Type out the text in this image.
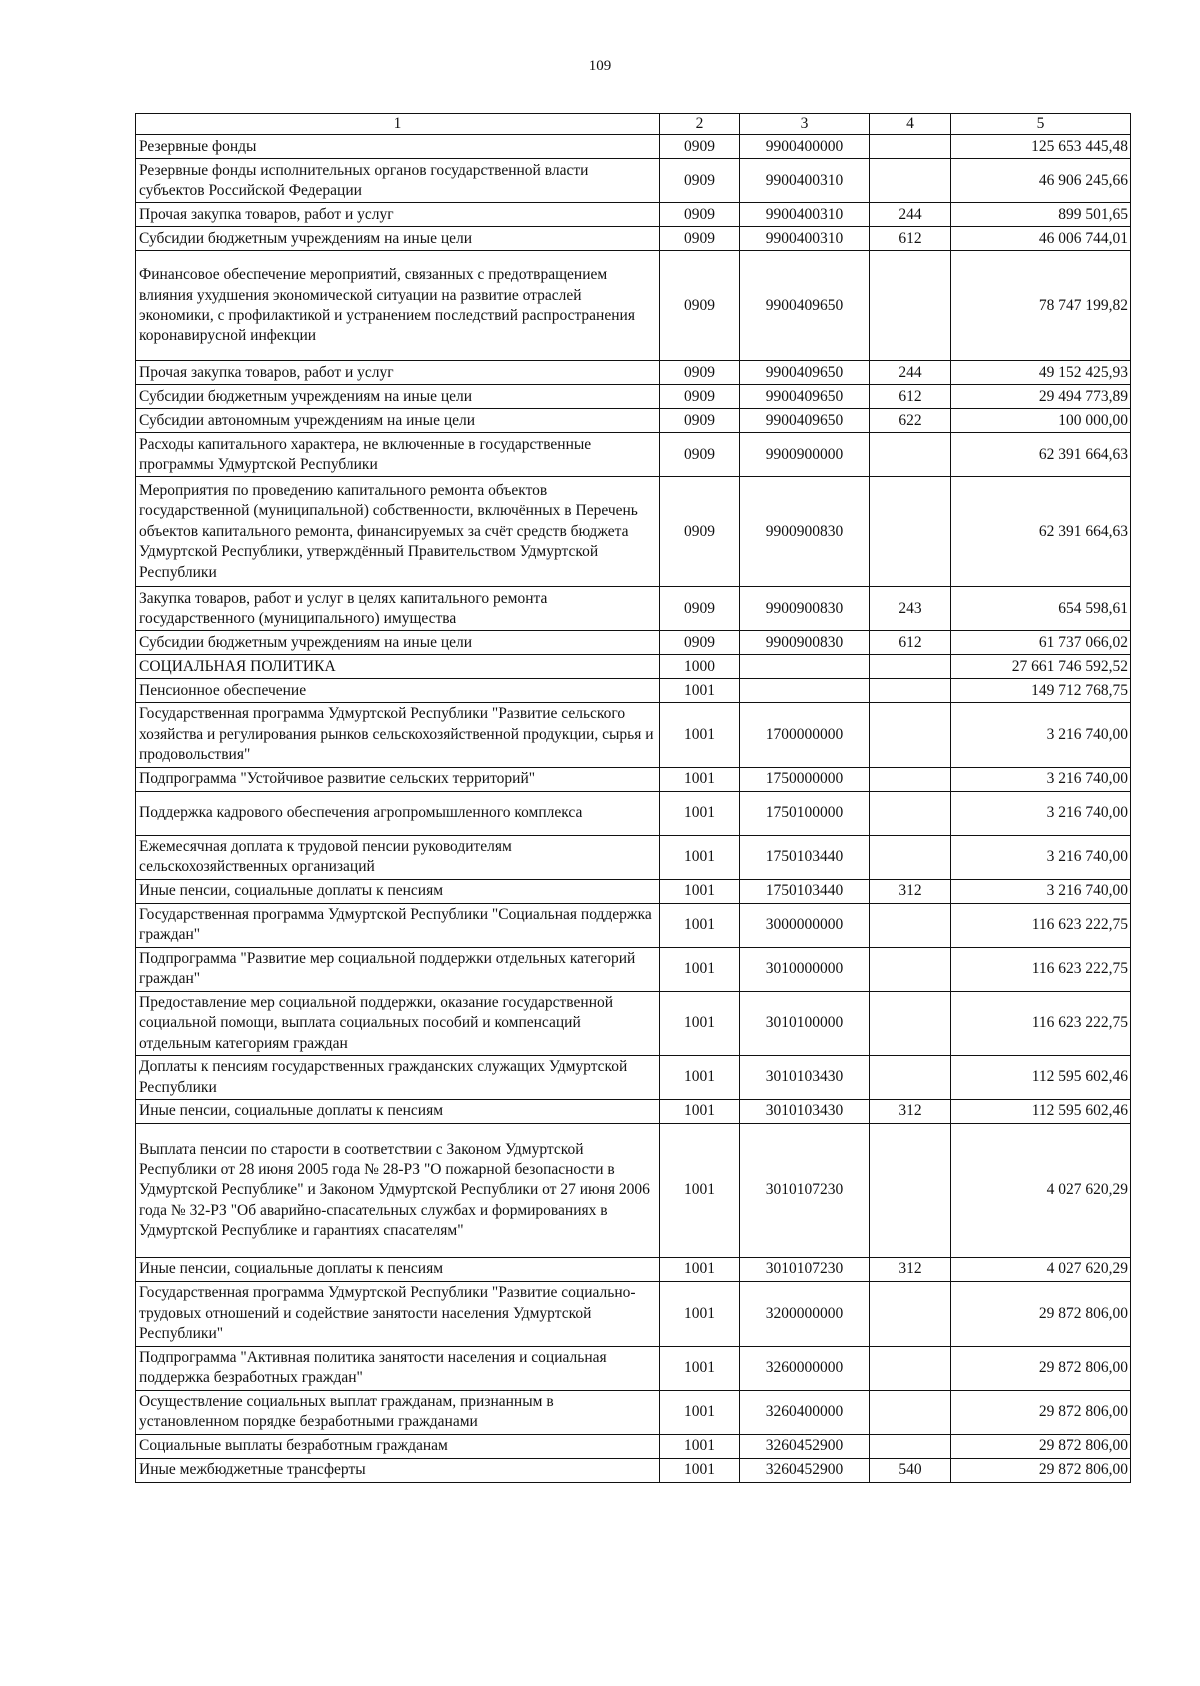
109
1	2	3	4	5
Резервные фонды	0909	9900400000		125 653 445,48
Резервные фонды исполнительных органов государственной власти субъектов Российской Федерации	0909	9900400310		46 906 245,66
Прочая закупка товаров, работ и услуг	0909	9900400310	244	899 501,65
Субсидии бюджетным учреждениям на иные цели	0909	9900400310	612	46 006 744,01
Финансовое обеспечение мероприятий, связанных с предотвращением влияния ухудшения экономической ситуации на развитие отраслей экономики, с профилактикой и устранением последствий распространения коронавирусной инфекции	0909	9900409650		78 747 199,82
Прочая закупка товаров, работ и услуг	0909	9900409650	244	49 152 425,93
Субсидии бюджетным учреждениям на иные цели	0909	9900409650	612	29 494 773,89
Субсидии автономным учреждениям на иные цели	0909	9900409650	622	100 000,00
Расходы капитального характера, не включенные в государственные программы Удмуртской Республики	0909	9900900000		62 391 664,63
Мероприятия по проведению капитального ремонта объектов государственной (муниципальной) собственности, включённых в Перечень объектов капитального ремонта, финансируемых за счёт средств бюджета Удмуртской Республики, утверждённый Правительством Удмуртской Республики	0909	9900900830		62 391 664,63
Закупка товаров, работ и услуг в целях капитального ремонта государственного (муниципального) имущества	0909	9900900830	243	654 598,61
Субсидии бюджетным учреждениям на иные цели	0909	9900900830	612	61 737 066,02
СОЦИАЛЬНАЯ ПОЛИТИКА	1000			27 661 746 592,52
Пенсионное обеспечение	1001			149 712 768,75
Государственная программа Удмуртской Республики "Развитие сельского хозяйства и регулирования рынков сельскохозяйственной продукции, сырья и продовольствия"	1001	1700000000		3 216 740,00
Подпрограмма "Устойчивое развитие сельских территорий"	1001	1750000000		3 216 740,00
Поддержка кадрового обеспечения агропромышленного комплекса	1001	1750100000		3 216 740,00
Ежемесячная доплата к трудовой пенсии руководителям сельскохозяйственных организаций	1001	1750103440		3 216 740,00
Иные пенсии, социальные доплаты к пенсиям	1001	1750103440	312	3 216 740,00
Государственная программа Удмуртской Республики "Социальная поддержка граждан"	1001	3000000000		116 623 222,75
Подпрограмма "Развитие мер социальной поддержки отдельных категорий граждан"	1001	3010000000		116 623 222,75
Предоставление мер социальной поддержки, оказание государственной социальной помощи, выплата социальных пособий и компенсаций отдельным категориям граждан	1001	3010100000		116 623 222,75
Доплаты к пенсиям государственных гражданских служащих Удмуртской Республики	1001	3010103430		112 595 602,46
Иные пенсии, социальные доплаты к пенсиям	1001	3010103430	312	112 595 602,46
Выплата пенсии по старости в соответствии с Законом Удмуртской Республики от 28 июня 2005 года № 28-РЗ "О пожарной безопасности в Удмуртской Республике" и Законом Удмуртской Республики от 27 июня 2006 года № 32-РЗ "Об аварийно-спасательных службах и формированиях в Удмуртской Республике и гарантиях спасателям"	1001	3010107230		4 027 620,29
Иные пенсии, социальные доплаты к пенсиям	1001	3010107230	312	4 027 620,29
Государственная программа Удмуртской Республики "Развитие социально-трудовых отношений и содействие занятости населения Удмуртской Республики"	1001	3200000000		29 872 806,00
Подпрограмма "Активная политика занятости населения и социальная поддержка безработных граждан"	1001	3260000000		29 872 806,00
Осуществление социальных выплат гражданам, признанным в установленном порядке безработными гражданами	1001	3260400000		29 872 806,00
Социальные выплаты безработным гражданам	1001	3260452900		29 872 806,00
Иные межбюджетные трансферты	1001	3260452900	540	29 872 806,00
